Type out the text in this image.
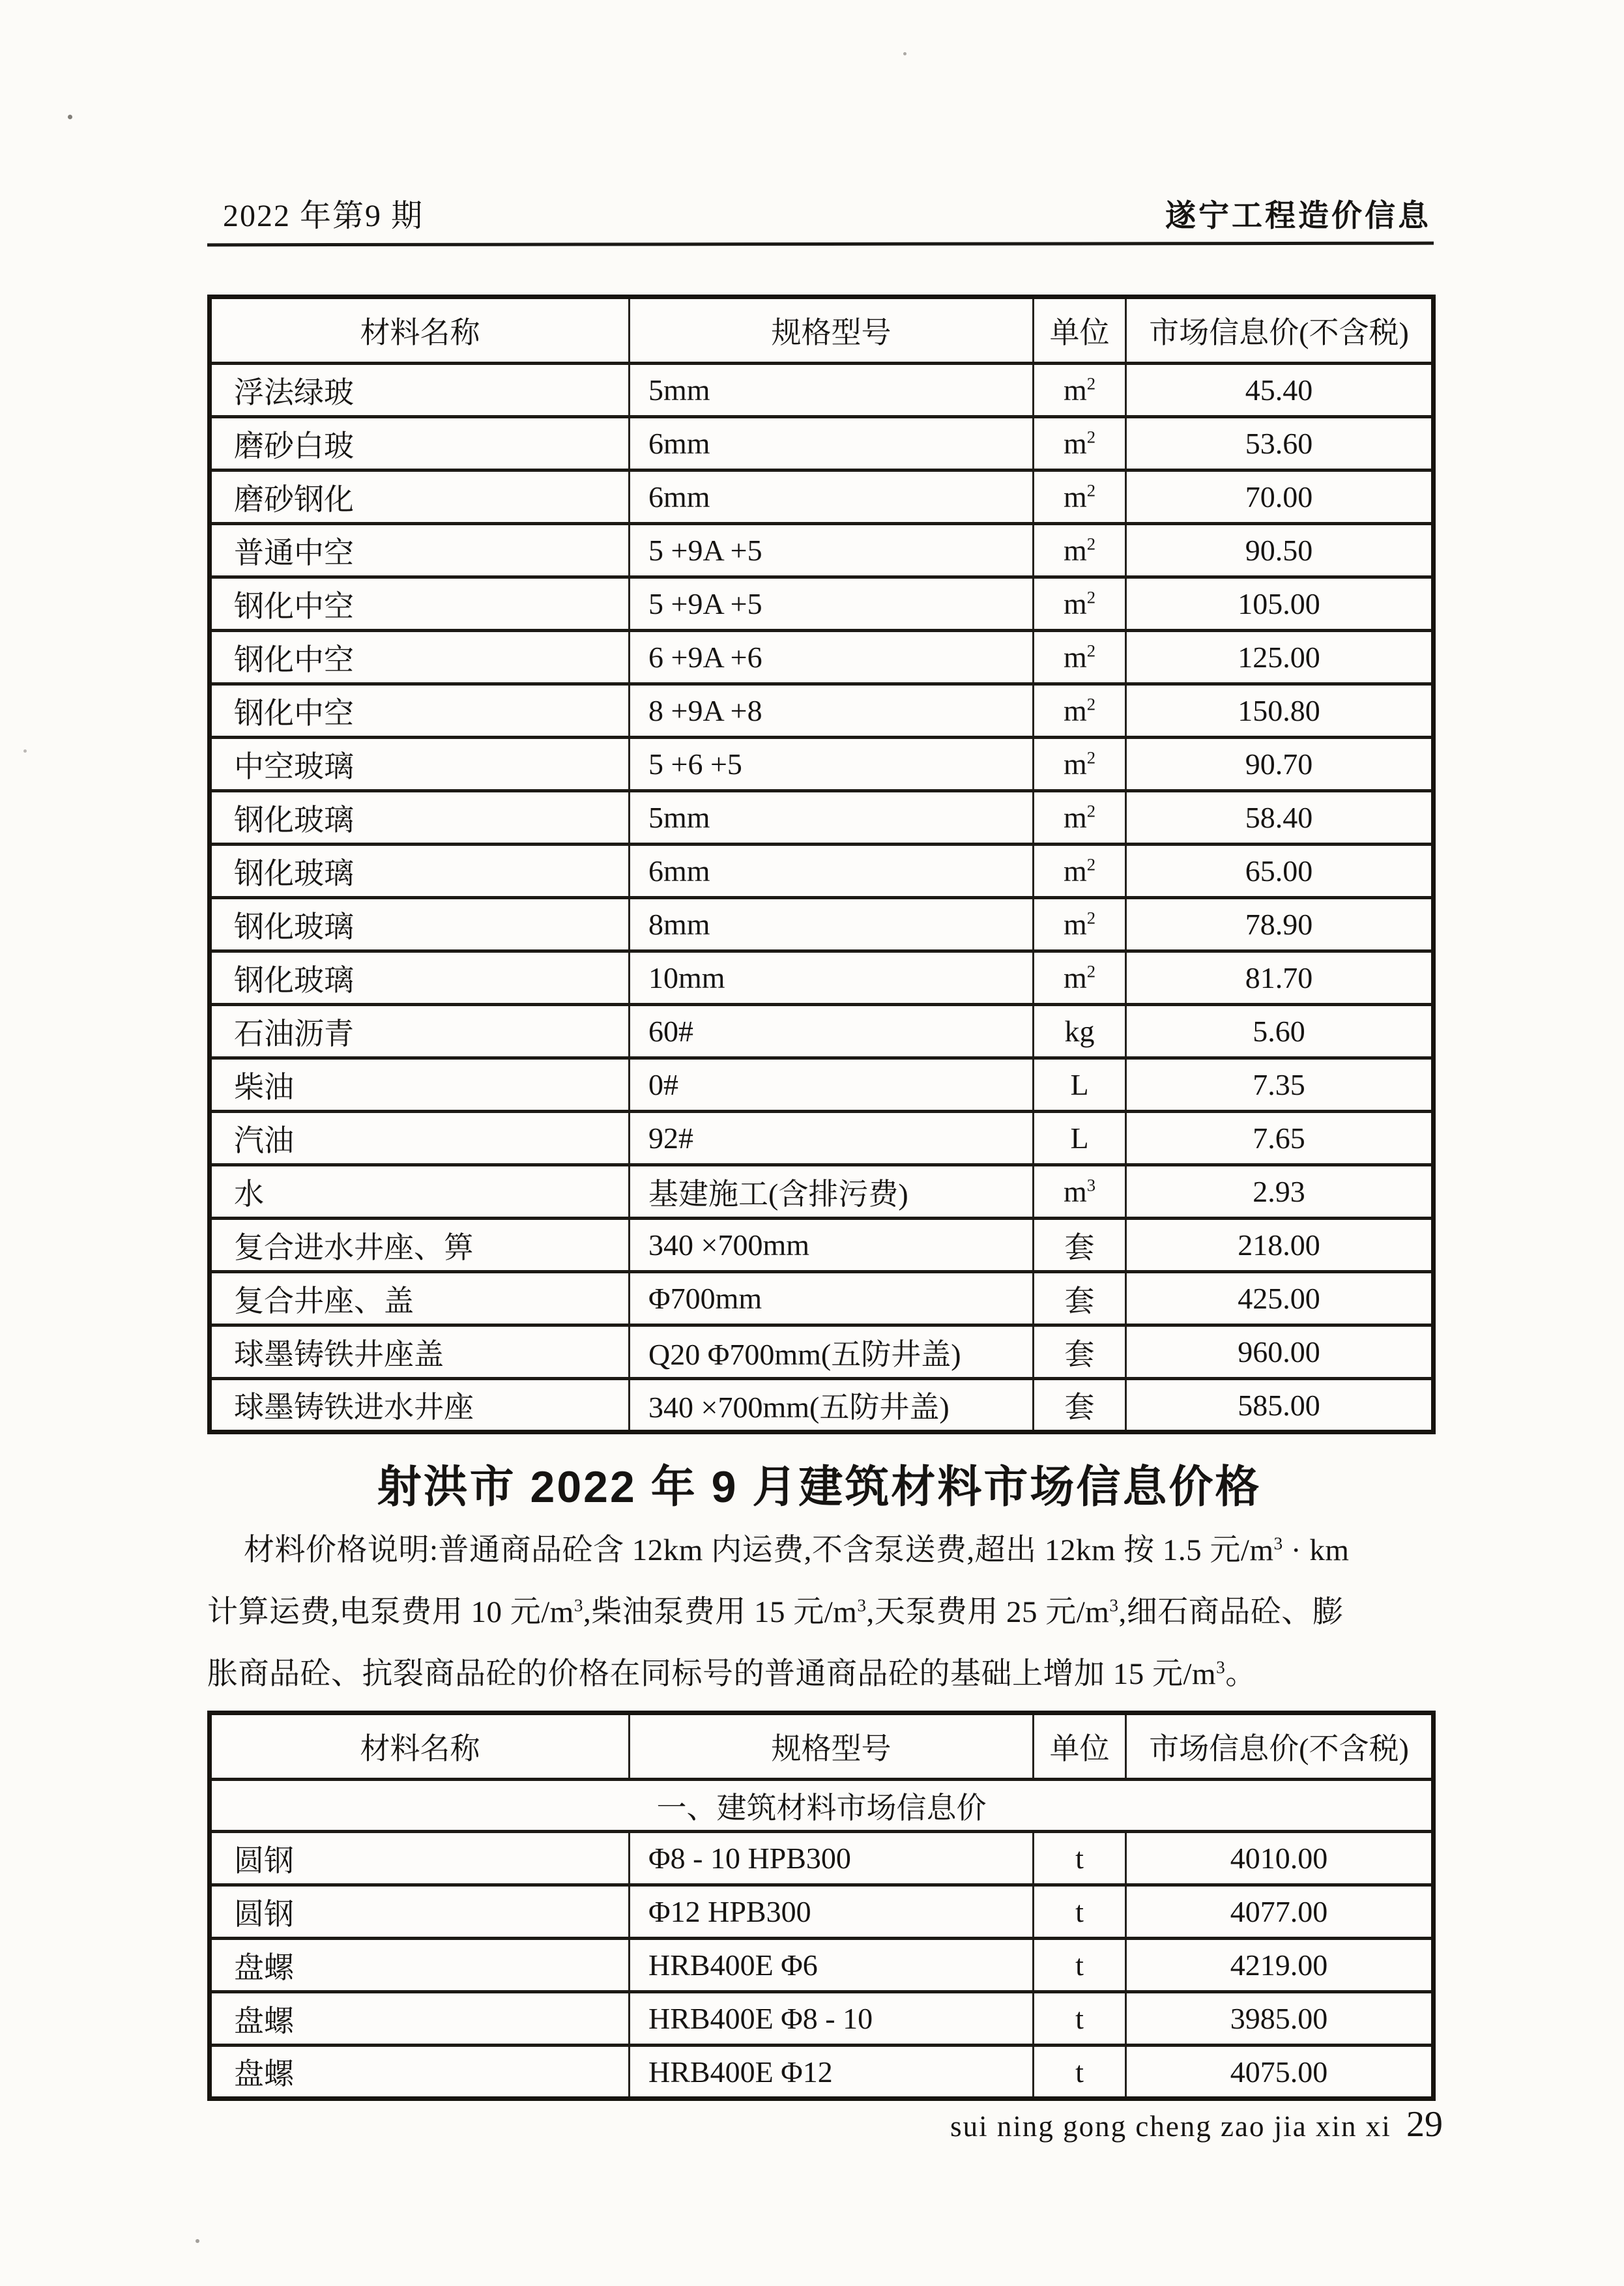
2022 年第9 期	遂宁工程造价信息
材料名称	规格型号	单位	市场信息价(不含税)
浮法绿玻	5mm	$m^2$	45.40
磨砂白玻	6mm	$m^2$	53.60
磨砂钢化	6mm	$m^2$	70.00
普通中空	5 +9A +5	$m^2$	90.50
钢化中空	5 +9A +5	$m^2$	105.00
钢化中空	6 +9A +6	$m^2$	125.00
钢化中空	8 +9A +8	$m^2$	150.80
中空玻璃	5 +6 +5	$m^2$	90.70
钢化玻璃	5mm	$m^2$	58.40
钢化玻璃	6mm	$m^2$	65.00
钢化玻璃	8mm	$m^2$	78.90
钢化玻璃	10mm	$m^2$	81.70
石油沥青	60#	kg	5.60
柴油	0#	L	7.35
汽油	92#	L	7.65
水	基建施工(含排污费)	$m^3$	2.93
复合进水井座、箅	340 ×700mm	套	218.00
复合井座、盖	Φ700mm	套	425.00
球墨铸铁井座盖	Q20 Φ700mm(五防井盖)	套	960.00
球墨铸铁进水井座	340 ×700mm(五防井盖)	套	585.00
射洪市 2022 年 9 月建筑材料市场信息价格
材料价格说明:普通商品砼含 12km 内运费,不含泵送费,超出 12km 按 1.5 元$/m^3$ · km
计算运费,电泵费用 10 元$/m^3$,柴油泵费用 15 元$/m^3$,天泵费用 25 元$/m^3$,细石商品砼、膨
胀商品砼、抗裂商品砼的价格在同标号的普通商品砼的基础上增加 15 元$/m^3$。
材料名称	规格型号	单位	市场信息价(不含税)
一、建筑材料市场信息价			
圆钢	Φ8 - 10 HPB300	t	4010.00
圆钢	Φ12 HPB300	t	4077.00
盘螺	HRB400E Φ6	t	4219.00
盘螺	HRB400E Φ8 - 10	t	3985.00
盘螺	HRB400E Φ12	t	4075.00
sui ning gong cheng zao jia xin xi 29
